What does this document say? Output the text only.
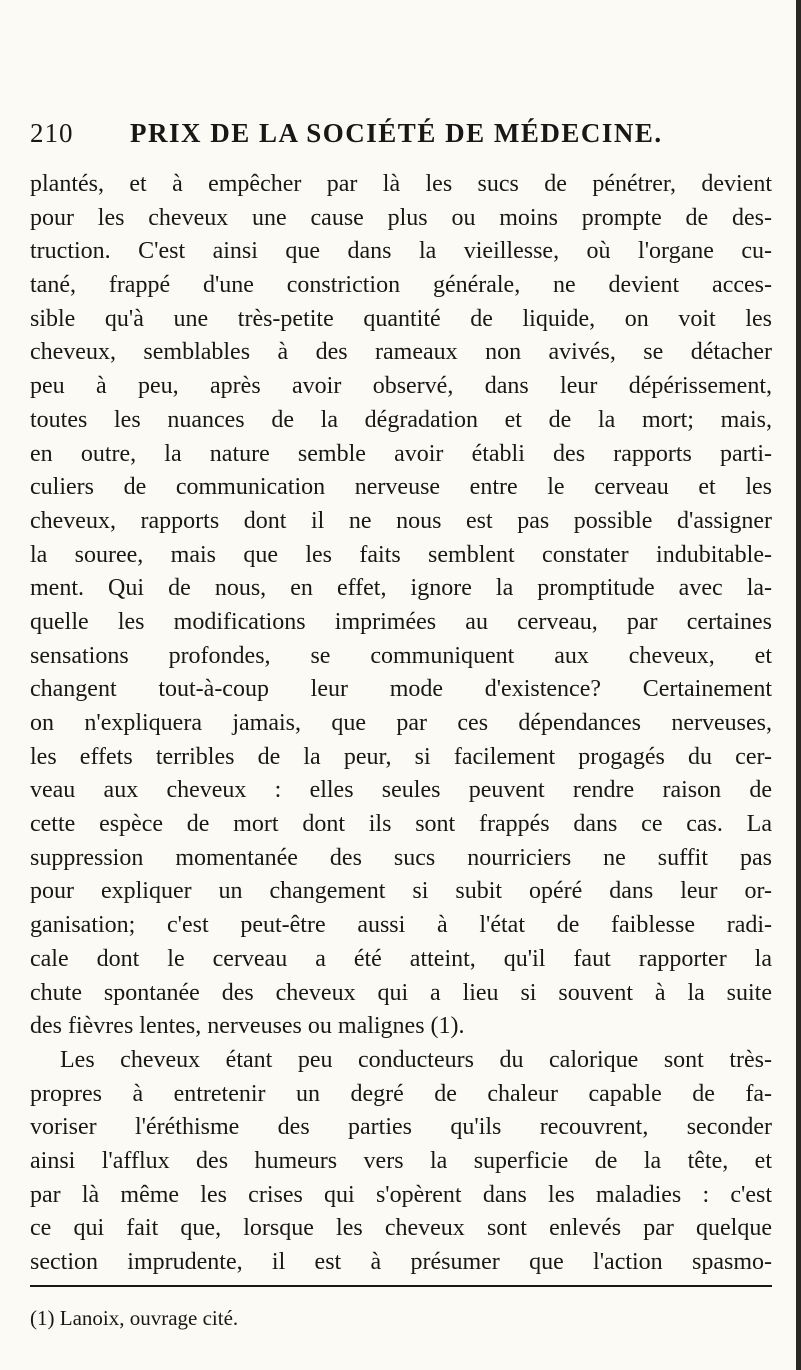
210 PRIX DE LA SOCIÉTÉ DE MÉDECINE.
plantés, et à empêcher par là les sucs de pénétrer, devient
pour les cheveux une cause plus ou moins prompte de des-
truction. C'est ainsi que dans la vieillesse, où l'organe cu-
tané, frappé d'une constriction générale, ne devient acces-
sible qu'à une très-petite quantité de liquide, on voit les
cheveux, semblables à des rameaux non avivés, se détacher
peu à peu, après avoir observé, dans leur dépérissement,
toutes les nuances de la dégradation et de la mort; mais,
en outre, la nature semble avoir établi des rapports parti-
culiers de communication nerveuse entre le cerveau et les
cheveux, rapports dont il ne nous est pas possible d'assigner
la souree, mais que les faits semblent constater indubitable-
ment. Qui de nous, en effet, ignore la promptitude avec la-
quelle les modifications imprimées au cerveau, par certaines
sensations profondes, se communiquent aux cheveux, et
changent tout-à-coup leur mode d'existence? Certainement
on n'expliquera jamais, que par ces dépendances nerveuses,
les effets terribles de la peur, si facilement progagés du cer-
veau aux cheveux : elles seules peuvent rendre raison de
cette espèce de mort dont ils sont frappés dans ce cas. La
suppression momentanée des sucs nourriciers ne suffit pas
pour expliquer un changement si subit opéré dans leur or-
ganisation; c'est peut-être aussi à l'état de faiblesse radi-
cale dont le cerveau a été atteint, qu'il faut rapporter la
chute spontanée des cheveux qui a lieu si souvent à la suite
des fièvres lentes, nerveuses ou malignes (1).
Les cheveux étant peu conducteurs du calorique sont très-
propres à entretenir un degré de chaleur capable de fa-
voriser l'éréthisme des parties qu'ils recouvrent, seconder
ainsi l'afflux des humeurs vers la superficie de la tête, et
par là même les crises qui s'opèrent dans les maladies : c'est
ce qui fait que, lorsque les cheveux sont enlevés par quelque
section imprudente, il est à présumer que l'action spasmo-
(1) Lanoix, ouvrage cité.
